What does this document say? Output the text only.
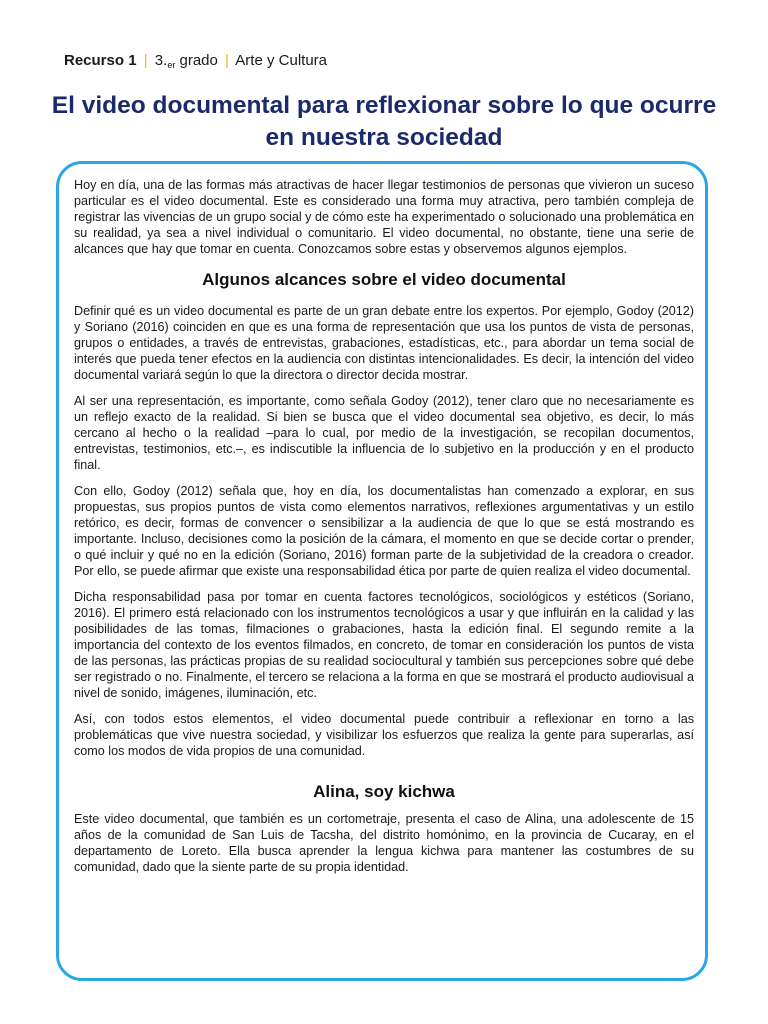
Recurso 1 | $3._{er}$ grado | Arte y Cultura
El video documental para reflexionar sobre lo que ocurre en nuestra sociedad

Hoy en día, una de las formas más atractivas de hacer llegar testimonios de personas que vivieron un suceso particular es el video documental. Este es considerado una forma muy atractiva, pero también compleja de registrar las vivencias de un grupo social y de cómo este ha experimentado o solucionado una problemática en su realidad, ya sea a nivel individual o comunitario. El video documental, no obstante, tiene una serie de alcances que hay que tomar en cuenta. Conozcamos sobre estas y observemos algunos ejemplos.

Algunos alcances sobre el video documental

Definir qué es un video documental es parte de un gran debate entre los expertos. Por ejemplo, Godoy (2012) y Soriano (2016) coinciden en que es una forma de representación que usa los puntos de vista de personas, grupos o entidades, a través de entrevistas, grabaciones, estadísticas, etc., para abordar un tema social de interés que pueda tener efectos en la audiencia con distintas intencionalidades. Es decir, la intención del video documental variará según lo que la directora o director decida mostrar.

Al ser una representación, es importante, como señala Godoy (2012), tener claro que no necesariamente es un reflejo exacto de la realidad. Si bien se busca que el video documental sea objetivo, es decir, lo más cercano al hecho o la realidad –para lo cual, por medio de la investigación, se recopilan documentos, entrevistas, testimonios, etc.–, es indiscutible la influencia de lo subjetivo en la producción y en el producto final.

Con ello, Godoy (2012) señala que, hoy en día, los documentalistas han comenzado a explorar, en sus propuestas, sus propios puntos de vista como elementos narrativos, reflexiones argumentativas y un estilo retórico, es decir, formas de convencer o sensibilizar a la audiencia de que lo que se está mostrando es importante. Incluso, decisiones como la posición de la cámara, el momento en que se decide cortar o prender, o qué incluir y qué no en la edición (Soriano, 2016) forman parte de la subjetividad de la creadora o creador. Por ello, se puede afirmar que existe una responsabilidad ética por parte de quien realiza el video documental.

Dicha responsabilidad pasa por tomar en cuenta factores tecnológicos, sociológicos y estéticos (Soriano, 2016). El primero está relacionado con los instrumentos tecnológicos a usar y que influirán en la calidad y las posibilidades de las tomas, filmaciones o grabaciones, hasta la edición final. El segundo remite a la importancia del contexto de los eventos filmados, en concreto, de tomar en consideración los puntos de vista de las personas, las prácticas propias de su realidad sociocultural y también sus percepciones sobre qué debe ser registrado o no. Finalmente, el tercero se relaciona a la forma en que se mostrará el producto audiovisual a nivel de sonido, imágenes, iluminación, etc.

Así, con todos estos elementos, el video documental puede contribuir a reflexionar en torno a las problemáticas que vive nuestra sociedad, y visibilizar los esfuerzos que realiza la gente para superarlas, así como los modos de vida propios de una comunidad.

Alina, soy kichwa

Este video documental, que también es un cortometraje, presenta el caso de Alina, una adolescente de 15 años de la comunidad de San Luis de Tacsha, del distrito homónimo, en la provincia de Cucaray, en el departamento de Loreto. Ella busca aprender la lengua kichwa para mantener las costumbres de su comunidad, dado que la siente parte de su propia identidad.
